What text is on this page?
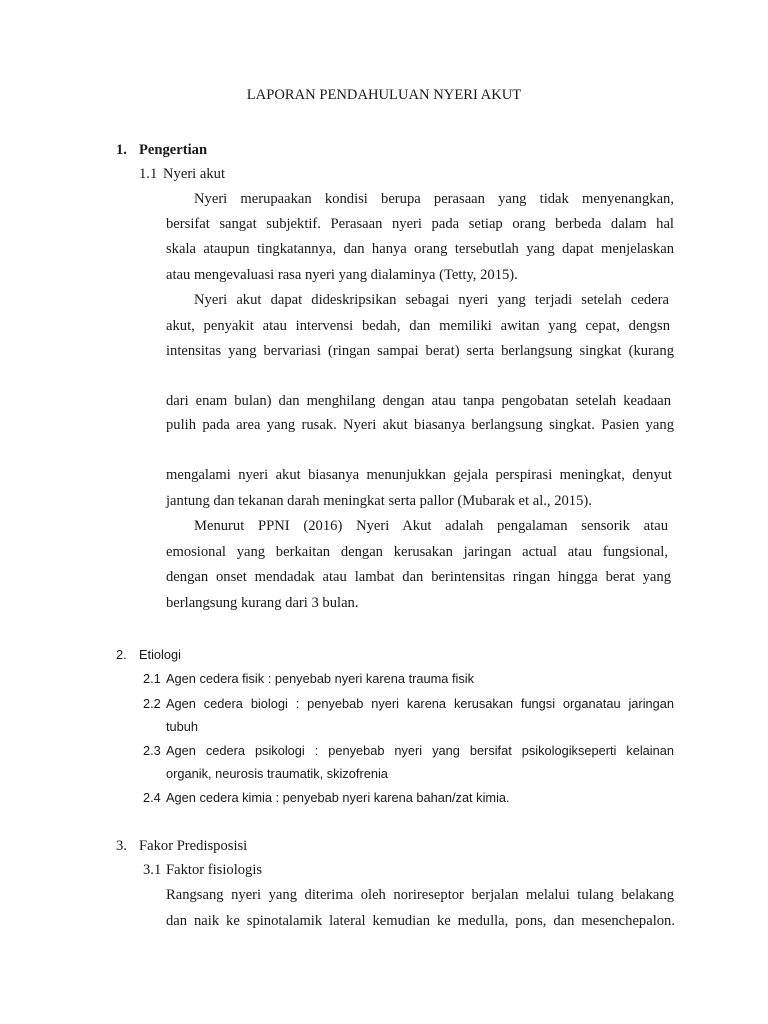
LAPORAN PENDAHULUAN NYERI AKUT
1. Pengertian
1.1 Nyeri akut
Nyeri merupaakan kondisi berupa perasaan yang tidak menyenangkan,
bersifat sangat subjektif. Perasaan nyeri pada setiap orang berbeda dalam hal
skala ataupun tingkatannya, dan hanya orang tersebutlah yang dapat menjelaskan
atau mengevaluasi rasa nyeri yang dialaminya (Tetty, 2015).
Nyeri akut dapat dideskripsikan sebagai nyeri yang terjadi setelah cedera
akut, penyakit atau intervensi bedah, dan memiliki awitan yang cepat, dengsn
intensitas yang bervariasi (ringan sampai berat) serta berlangsung singkat (kurang
dari enam bulan) dan menghilang dengan atau tanpa pengobatan setelah keadaan
pulih pada area yang rusak. Nyeri akut biasanya berlangsung singkat. Pasien yang
mengalami nyeri akut biasanya menunjukkan gejala perspirasi meningkat, denyut
jantung dan tekanan darah meningkat serta pallor (Mubarak et al., 2015).
Menurut PPNI (2016) Nyeri Akut adalah pengalaman sensorik atau
emosional yang berkaitan dengan kerusakan jaringan actual atau fungsional,
dengan onset mendadak atau lambat dan berintensitas ringan hingga berat yang
berlangsung kurang dari 3 bulan.
2. Etiologi
2.1 Agen cedera fisik : penyebab nyeri karena trauma fisik
2.2 Agen cedera biologi : penyebab nyeri karena kerusakan fungsi organatau jaringan
tubuh
2.3 Agen cedera psikologi : penyebab nyeri yang bersifat psikologikseperti kelainan
organik, neurosis traumatik, skizofrenia
2.4 Agen cedera kimia : penyebab nyeri karena bahan/zat kimia.
3. Fakor Predisposisi
3.1 Faktor fisiologis
Rangsang nyeri yang diterima oleh norireseptor berjalan melalui tulang belakang
dan naik ke spinotalamik lateral kemudian ke medulla, pons, dan mesenchepalon.
